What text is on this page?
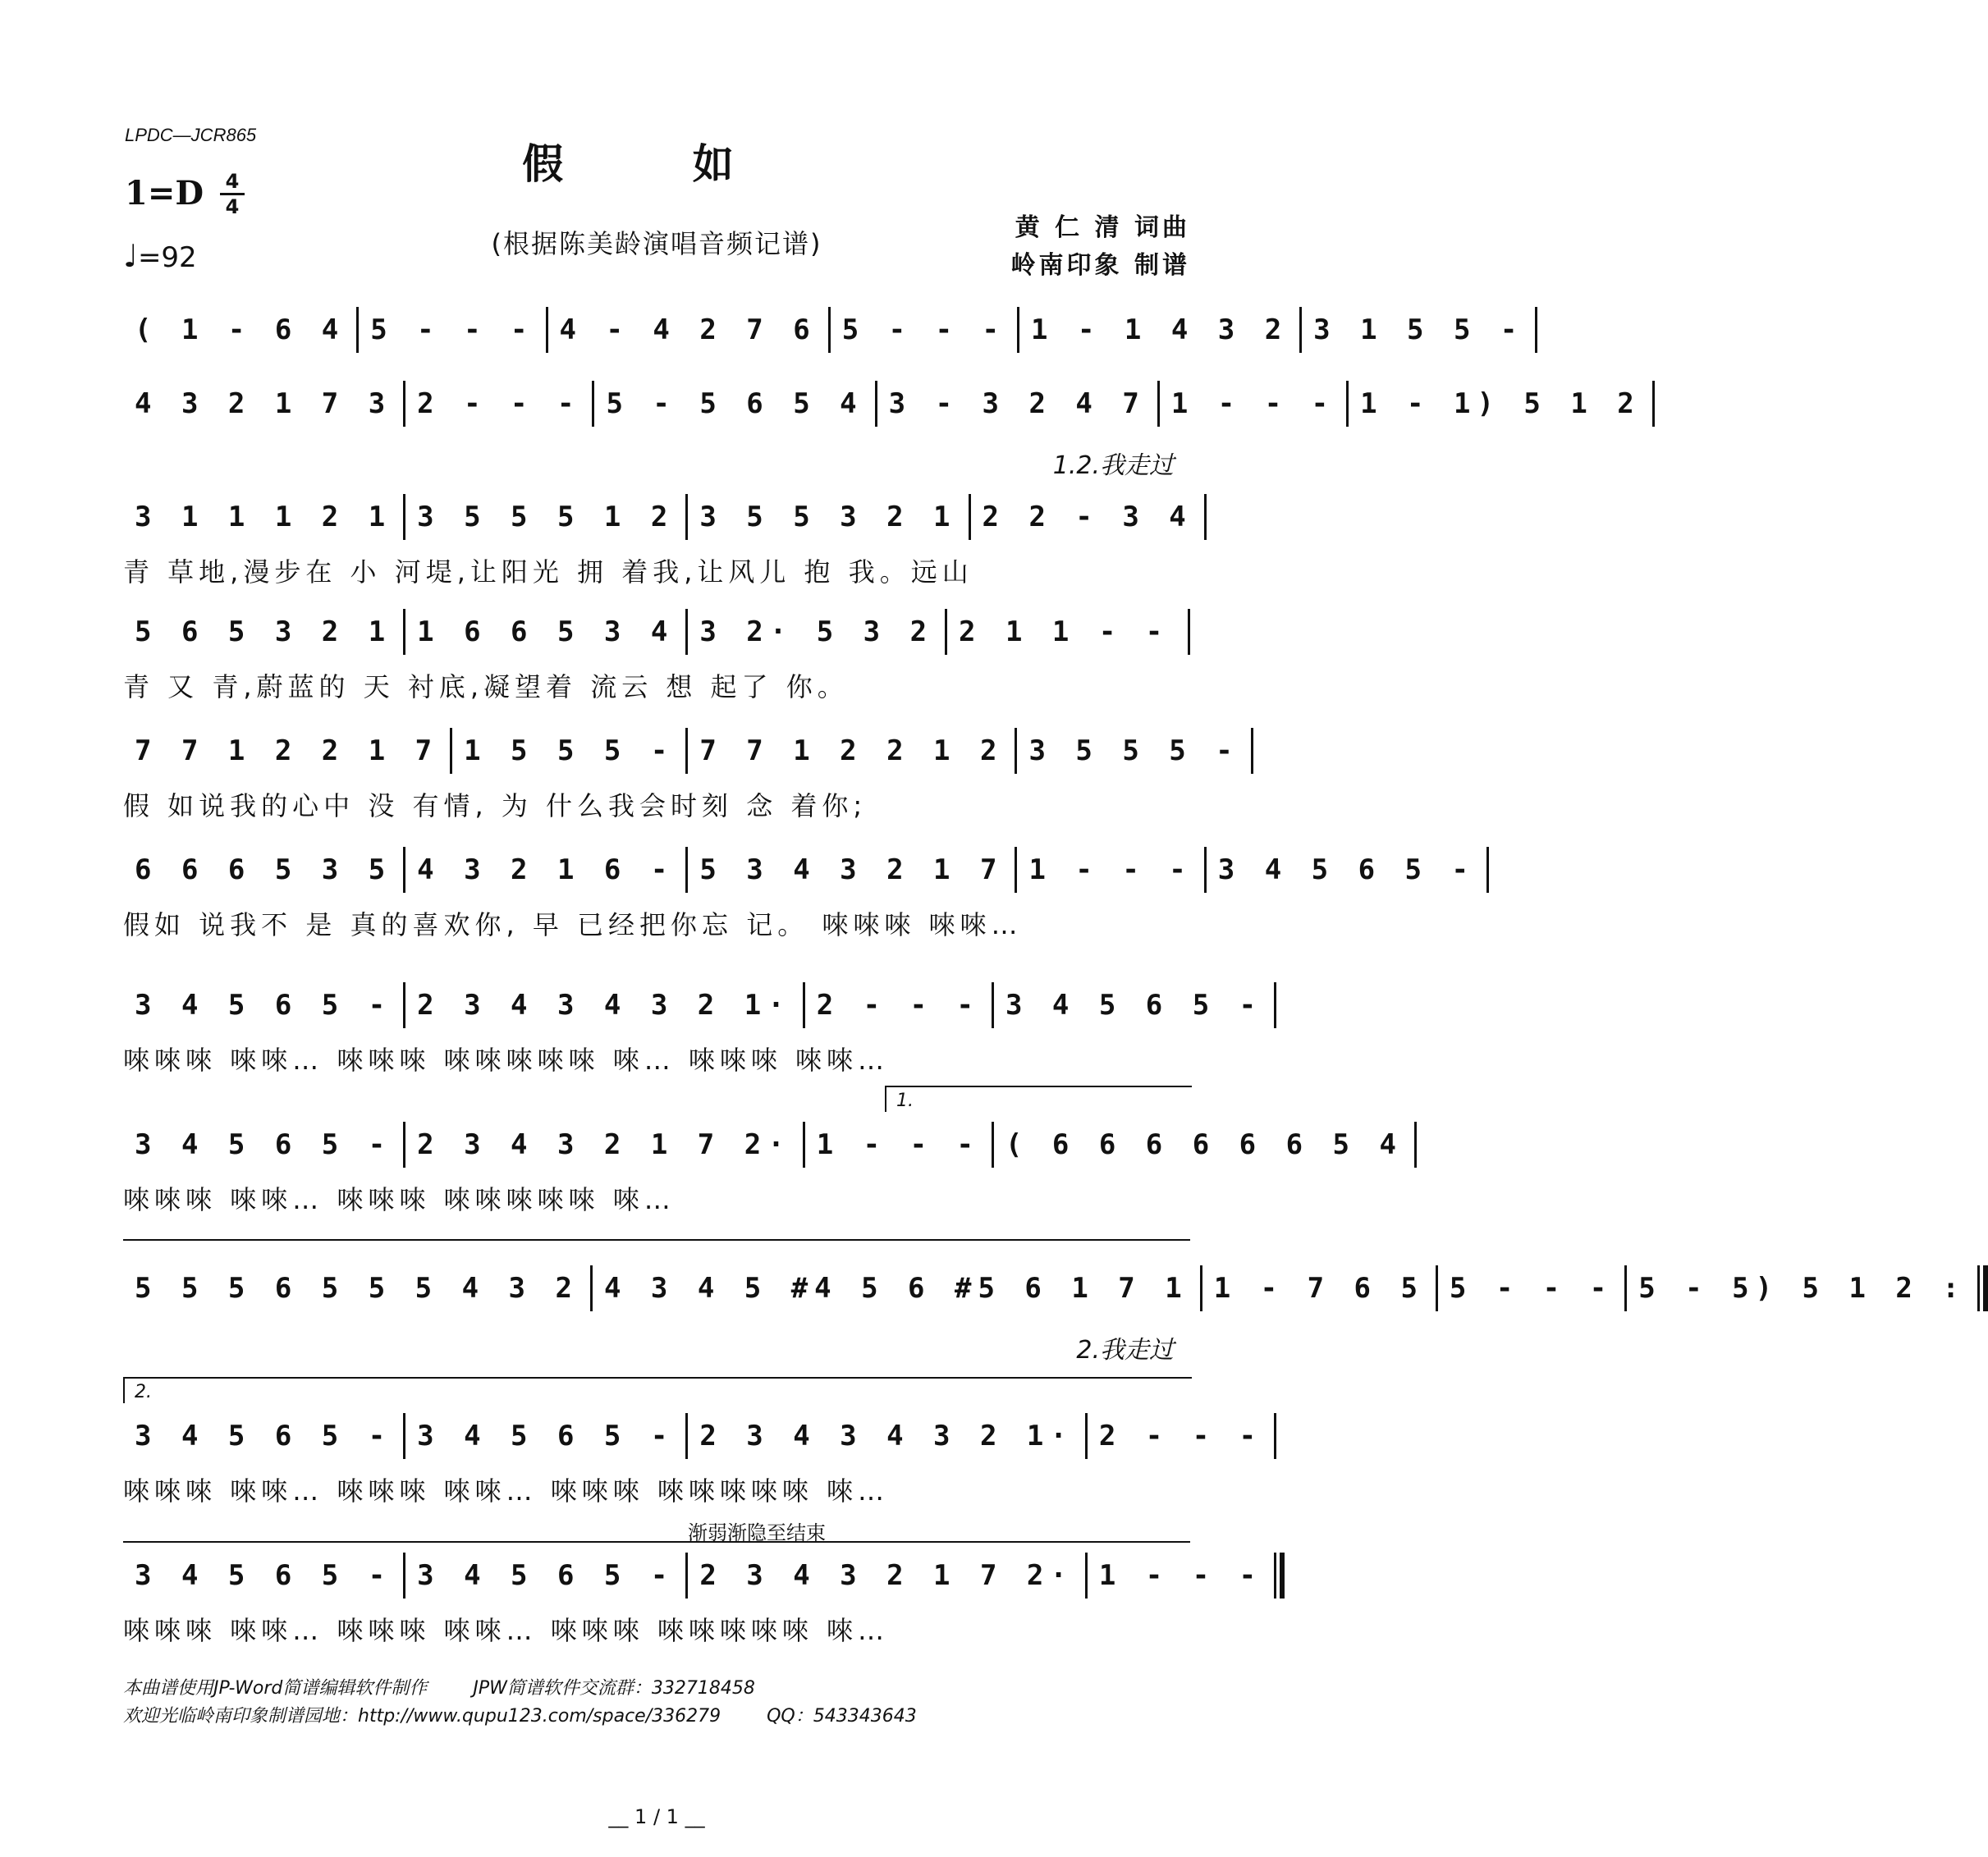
LPDC—JCR865
假 如
1=D 4
4
♩=92	(根据陈美龄演唱音频记谱)
黄 仁 清 词曲
岭南印象 制谱
( 1 - 6 4 5 - - - 4 - 4 2 7 6 5 - - - 1 - 1 4 3 2 3 1 5 5 -
4 3 2 1 7 3 2 - - - 5 - 5 6 5 4 3 - 3 2 4 7 1 - - - 1 - 1) 5 1 2
1.2.我走过
3 1 1 1 2 1 3 5 5 5 1 2 3 5 5 3 2 1 2 2 - 3 4
青 草地,漫步在 小 河堤,让阳光 拥 着我,让风儿 抱 我。远山
5 6 5 3 2 1 1 6 6 5 3 4 3 2· 5 3 2 2 1 1 - -
青 又 青,蔚蓝的 天 衬底,凝望着 流云 想 起了 你。
7 7 1 2 2 1 7 1 5 5 5 - 7 7 1 2 2 1 2 3 5 5 5 -
假 如说我的心中 没 有情, 为 什么我会时刻 念 着你;
6 6 6 5 3 5 4 3 2 1 6 - 5 3 4 3 2 1 7 1 - - - 3 4 5 6 5 -
假如 说我不 是 真的喜欢你, 早 已经把你忘 记。 唻唻唻 唻唻…
3 4 5 6 5 - 2 3 4 3 4 3 2 1· 2 - - - 3 4 5 6 5 -
唻唻唻 唻唻… 唻唻唻 唻唻唻唻唻 唻… 唻唻唻 唻唻…
3 4 5 6 5 - 2 3 4 3 2 1 7 2· 1 - - - ( 6 6 6 6 6 6 5 4
唻唻唻 唻唻… 唻唻唻 唻唻唻唻唻 唻…
1.
5 5 5 6 5 5 5 4 3 2 4 3 4 5 #4 5 6 #5 6 1 7 1 1 - 7 6 5 5 - - - 5 - 5) 5 1 2 :
2.我走过
3 4 5 6 5 - 3 4 5 6 5 - 2 3 4 3 4 3 2 1· 2 - - -
唻唻唻 唻唻… 唻唻唻 唻唻… 唻唻唻 唻唻唻唻唻 唻…
2.
3 4 5 6 5 - 3 4 5 6 5 - 2 3 4 3 2 1 7 2· 1 - - -
唻唻唻 唻唻… 唻唻唻 唻唻… 唻唻唻 唻唻唻唻唻 唻…
渐弱渐隐至结束
本曲谱使用JP-Word简谱编辑软件制作	JPW简谱软件交流群：332718458
欢迎光临岭南印象制谱园地：http://www.qupu123.com/space/336279	QQ：543343643
__ 1 / 1 __
